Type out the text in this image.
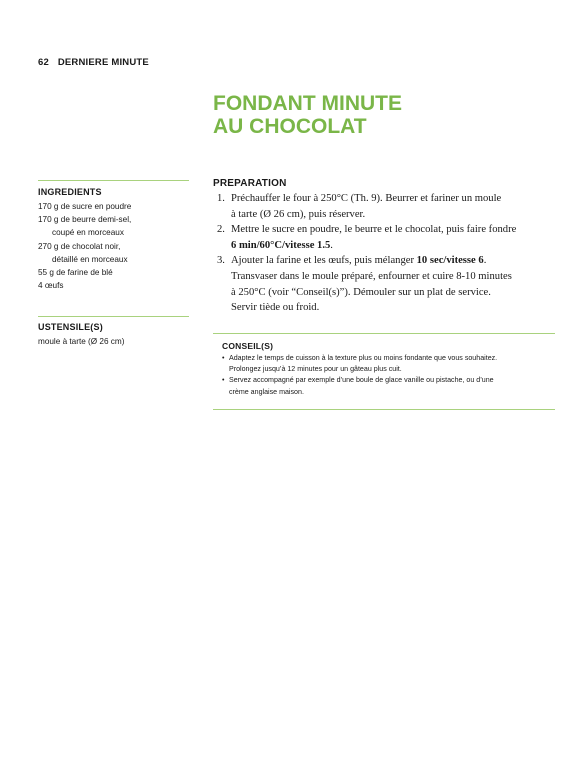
62 DERNIERE MINUTE
FONDANT MINUTE
AU CHOCOLAT
INGREDIENTS
170 g de sucre en poudre
170 g de beurre demi-sel,
coupé en morceaux
270 g de chocolat noir,
détaillé en morceaux
55 g de farine de blé
4 œufs
USTENSILE(S)
moule à tarte (Ø 26 cm)
PREPARATION
1. Préchauffer le four à 250°C (Th. 9). Beurrer et fariner un moule
à tarte (Ø 26 cm), puis réserver.
2. Mettre le sucre en poudre, le beurre et le chocolat, puis faire fondre
6 min/60°C/vitesse 1.5.
3. Ajouter la farine et les œufs, puis mélanger 10 sec/vitesse 6.
Transvaser dans le moule préparé, enfourner et cuire 8-10 minutes
à 250°C (voir “Conseil(s)”). Démouler sur un plat de service.
Servir tiède ou froid.
CONSEIL(S)
• Adaptez le temps de cuisson à la texture plus ou moins fondante que vous souhaitez.
Prolongez jusqu’à 12 minutes pour un gâteau plus cuit.
• Servez accompagné par exemple d’une boule de glace vanille ou pistache, ou d’une
crème anglaise maison.
